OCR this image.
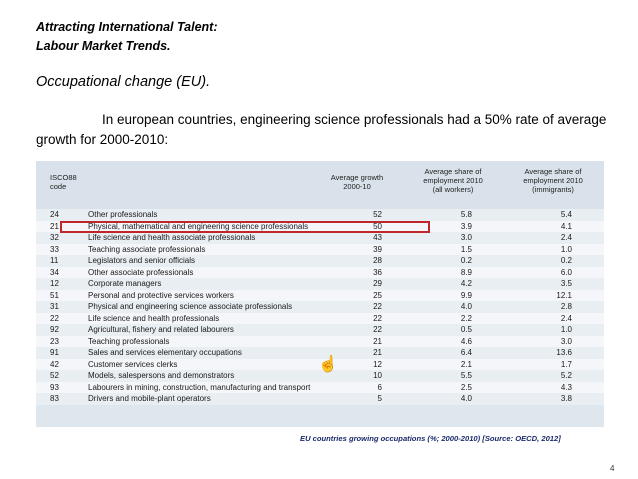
Attracting International Talent:
Labour Market Trends.
Occupational change (EU).
In european countries, engineering science professionals had a 50% rate of average growth for 2000-2010:
ISCO88
code
Average growth
2000-10
Average share of
employment 2010
(all workers)
Average share of
employment 2010
(immigrants)
24	Other professionals	52	5.8	5.4
21	Physical, mathematical and engineering science professionals	50	3.9	4.1
32	Life science and health associate professionals	43	3.0	2.4
33	Teaching associate professionals	39	1.5	1.0
11	Legislators and senior officials	28	0.2	0.2
34	Other associate professionals	36	8.9	6.0
12	Corporate managers	29	4.2	3.5
51	Personal and protective services workers	25	9.9	12.1
31	Physical and engineering science associate professionals	22	4.0	2.8
22	Life science and health professionals	22	2.2	2.4
92	Agricultural, fishery and related labourers	22	0.5	1.0
23	Teaching professionals	21	4.6	3.0
91	Sales and services elementary occupations	21	6.4	13.6
42	Customer services clerks	12	2.1	1.7
52	Models, salespersons and demonstrators	10	5.5	5.2
93	Labourers in mining, construction, manufacturing and transport	6	2.5	4.3
83	Drivers and mobile-plant operators	5	4.0	3.8
☝
EU countries growing occupations (%; 2000-2010) [Source: OECD, 2012]
4
